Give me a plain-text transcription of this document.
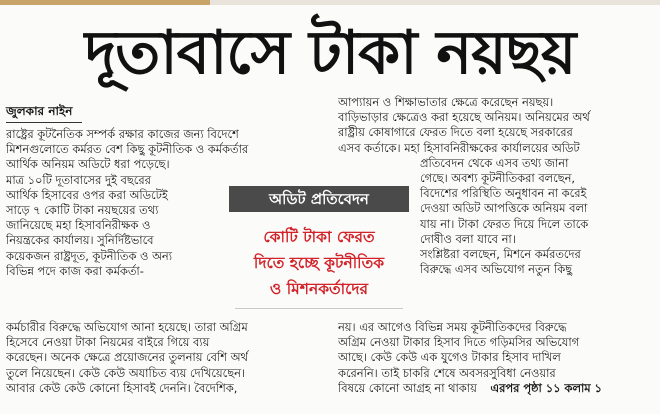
দূতাবাসে টাকা নয়ছয়
জুলকার নাইন
রাষ্ট্রের কূটনৈতিক সম্পর্ক রক্ষার কাজের জন্য বিদেশে
মিশনগুলোতে কর্মরত বেশ কিছু কূটনীতিক ও কর্মকর্তার
আর্থিক অনিয়ম অডিটে ধরা পড়েছে।
মাত্র ১০টি দূতাবাসের দুই বছরের
আর্থিক হিসাবের ওপর করা অডিটেই
সাড়ে ৭ কোটি টাকা নয়ছয়ের তথ্য
জানিয়েছে মহা হিসাবনিরীক্ষক ও
নিয়ন্ত্রকের কার্যালয়। সুনির্দিষ্টভাবে
কয়েকজন রাষ্ট্রদূত, কূটনীতিক ও অন্য
বিভিন্ন পদে কাজ করা কর্মকর্তা-
কর্মচারীর বিরুদ্ধে অভিযোগ আনা হয়েছে। তারা অগ্রিম
হিসেবে নেওয়া টাকা নিয়মের বাইরে গিয়ে ব্যয়
করেছেন। অনেক ক্ষেত্রে প্রয়োজনের তুলনায় বেশি অর্থ
তুলে নিয়েছেন। কেউ কেউ অযাচিত ব্যয় দেখিয়েছেন।
আবার কেউ কেউ কোনো হিসাবই দেননি। বৈদেশিক,
আপ্যায়ন ও শিক্ষাভাতার ক্ষেত্রে করেছেন নয়ছয়।
বাড়িভাড়ার ক্ষেত্রেও করা হয়েছে অনিয়ম। অনিয়মের অর্থ
রাষ্ট্রীয় কোষাগারে ফেরত দিতে বলা হয়েছে সরকারের
এসব কর্তাকে। মহা হিসাবনিরীক্ষকের কার্যালয়ের অডিট
প্রতিবেদন থেকে এসব তথ্য জানা
গেছে। অবশ্য কূটনীতিকরা বলছেন,
বিদেশের পরিস্থিতি অনুধাবন না করেই
দেওয়া অডিট আপত্তিকে অনিয়ম বলা
যায় না। টাকা ফেরত দিয়ে দিলে তাকে
দোষীও বলা যাবে না।
সংশ্লিষ্টরা বলছেন, মিশনে কর্মরতদের
বিরুদ্ধে এসব অভিযোগ নতুন কিছু
নয়। এর আগেও বিভিন্ন সময় কূটনীতিকদের বিরুদ্ধে
অগ্রিম নেওয়া টাকার হিসাব দিতে গড়িমসির অভিযোগ
আছে। কেউ কেউ এক যুগেও টাকার হিসাব দাখিল
করেননি। তাই চাকরি শেষে অবসরসুবিধা নেওয়ার
বিষয়ে কোনো আগ্রহ না থাকায় এরপর পৃষ্ঠা ১১ কলাম ১
অডিট প্রতিবেদন
কোটি টাকা ফেরত
দিতে হচ্ছে কূটনীতিক
ও মিশনকর্তাদের
